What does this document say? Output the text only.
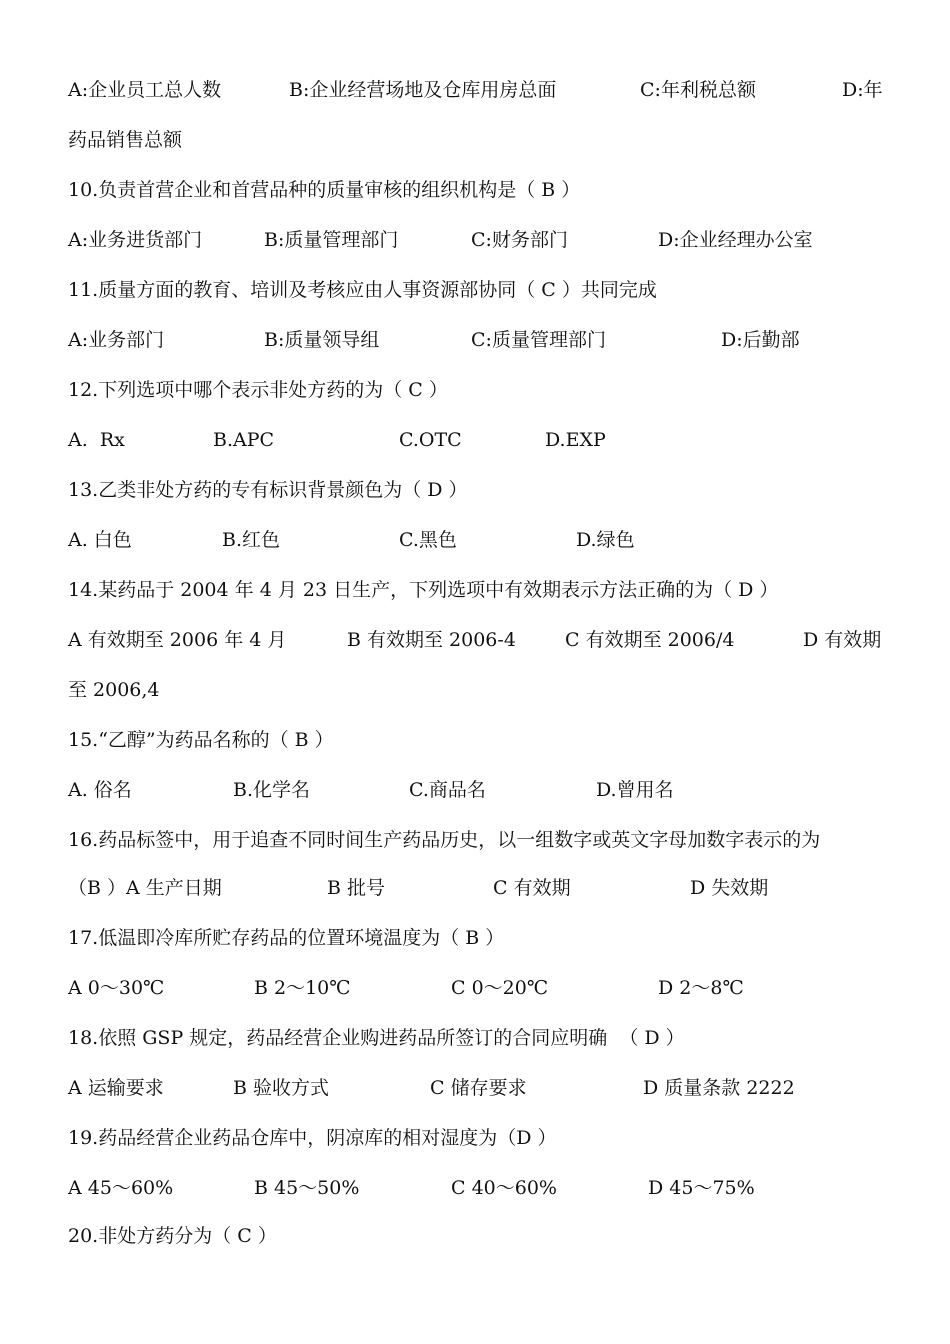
A:企业员工总人数	B:企业经营场地及仓库用房总面	C:年利税总额	D:年
药品销售总额
10.负责首营企业和首营品种的质量审核的组织机构是（ B ）
A:业务进货部门	B:质量管理部门	C:财务部门	D:企业经理办公室
11.质量方面的教育、培训及考核应由人事资源部协同（ C ）共同完成
A:业务部门	B:质量领导组	C:质量管理部门	D:后勤部
12.下列选项中哪个表示非处方药的为（ C ）
A.  Rx	B.APC	C.OTC	D.EXP
13.乙类非处方药的专有标识背景颜色为（ D ）
A. 白色	B.红色	C.黑色	D.绿色
14.某药品于 2004 年 4 月 23 日生产，下列选项中有效期表示方法正确的为（ D ）
A 有效期至 2006 年 4 月	B 有效期至 2006-4	C 有效期至 2006/4	D 有效期
至 2006,4
15.“乙醇”为药品名称的（ B ）
A. 俗名	B.化学名	C.商品名	D.曾用名
16.药品标签中，用于追查不同时间生产药品历史，以一组数字或英文字母加数字表示的为
（B ）A 生产日期	B 批号	C 有效期	D 失效期
17.低温即冷库所贮存药品的位置环境温度为（ B ）
A 0～30℃	B 2～10℃	C 0～20℃	D 2～8℃
18.依照 GSP 规定，药品经营企业购进药品所签订的合同应明确  （ D ）
A 运输要求	B 验收方式	C 储存要求	D 质量条款 2222
19.药品经营企业药品仓库中，阴凉库的相对湿度为（D ）
A 45～60%	B 45～50%	C 40～60%	D 45～75%
20.非处方药分为（ C ）
